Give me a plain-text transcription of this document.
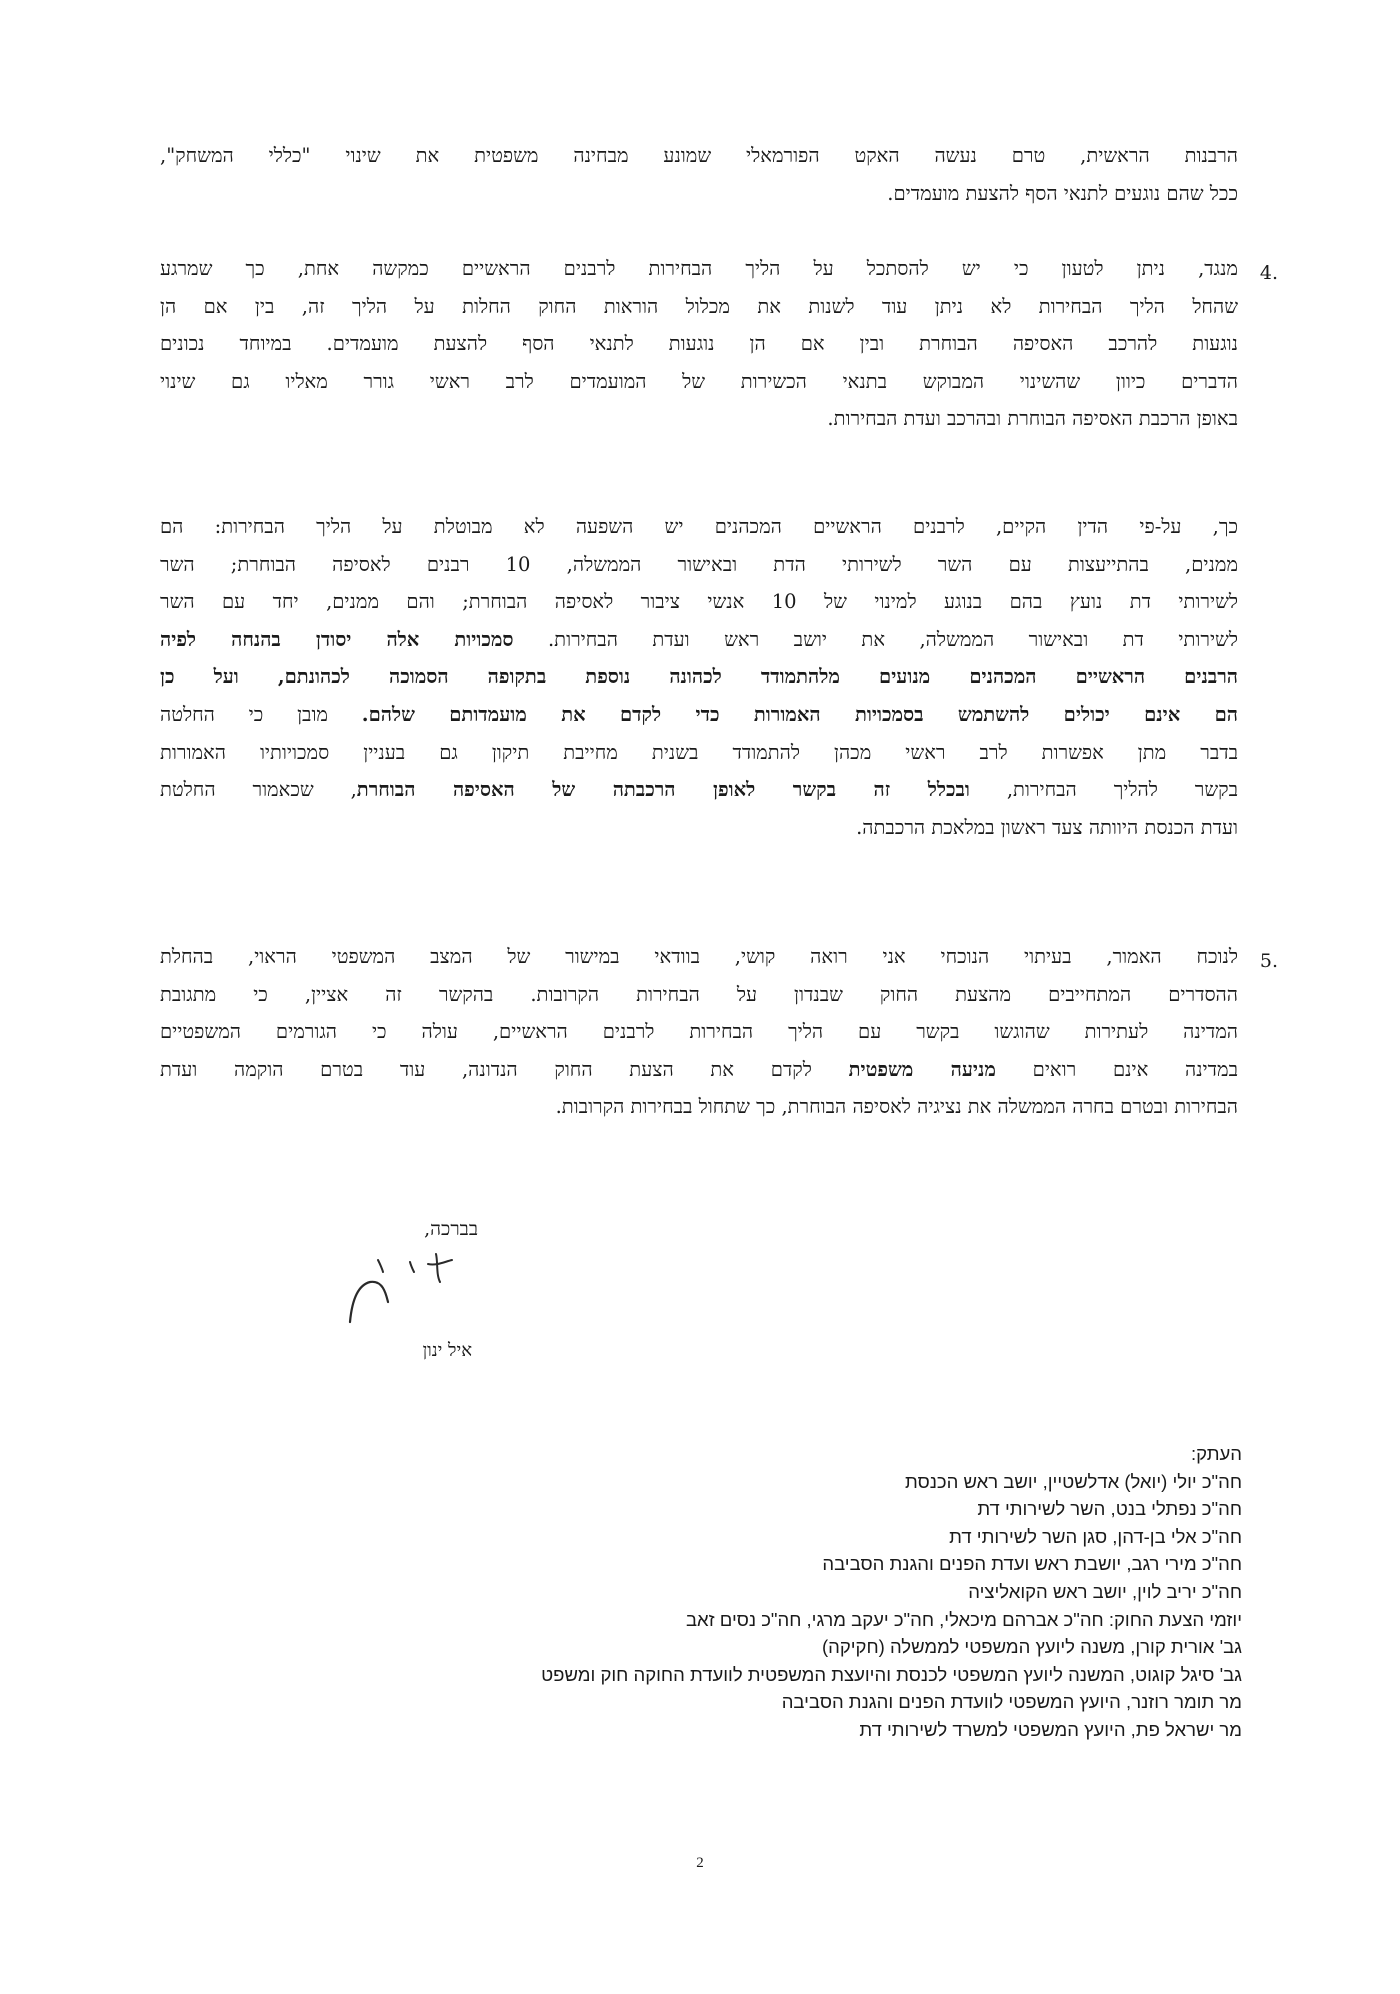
הרבנות הראשית, טרם נעשה האקט הפורמאלי שמונע מבחינה משפטית את שינוי "כללי המשחק",
ככל שהם נוגעים לתנאי הסף להצעת מועמדים.
4.
מנגד, ניתן לטעון כי יש להסתכל על הליך הבחירות לרבנים הראשיים כמקשה אחת, כך שמרגע
שהחל הליך הבחירות לא ניתן עוד לשנות את מכלול הוראות החוק החלות על הליך זה, בין אם הן
נוגעות להרכב האסיפה הבוחרת ובין אם הן נוגעות לתנאי הסף להצעת מועמדים. במיוחד נכונים
הדברים כיוון שהשינוי המבוקש בתנאי הכשירות של המועמדים לרב ראשי גורר מאליו גם שינוי
באופן הרכבת האסיפה הבוחרת ובהרכב ועדת הבחירות.
כך, על-פי הדין הקיים, לרבנים הראשיים המכהנים יש השפעה לא מבוטלת על הליך הבחירות: הם
ממנים, בהתייעצות עם השר לשירותי הדת ובאישור הממשלה, 10 רבנים לאסיפה הבוחרת; השר
לשירותי דת נועץ בהם בנוגע למינוי של 10 אנשי ציבור לאסיפה הבוחרת; והם ממנים, יחד עם השר
לשירותי דת ובאישור הממשלה, את יושב ראש ועדת הבחירות. סמכויות אלה יסודן בהנחה לפיה
הרבנים הראשיים המכהנים מנועים מלהתמודד לכהונה נוספת בתקופה הסמוכה לכהונתם, ועל כן
הם אינם יכולים להשתמש בסמכויות האמורות כדי לקדם את מועמדותם שלהם. מובן כי החלטה
בדבר מתן אפשרות לרב ראשי מכהן להתמודד בשנית מחייבת תיקון גם בעניין סמכויותיו האמורות
בקשר להליך הבחירות, ובכלל זה בקשר לאופן הרכבתה של האסיפה הבוחרת, שכאמור החלטת
ועדת הכנסת היוותה צעד ראשון במלאכת הרכבתה.
5.
לנוכח האמור, בעיתוי הנוכחי אני רואה קושי, בוודאי במישור של המצב המשפטי הראוי, בהחלת
ההסדרים המתחייבים מהצעת החוק שבנדון על הבחירות הקרובות. בהקשר זה אציין, כי מתגובת
המדינה לעתירות שהוגשו בקשר עם הליך הבחירות לרבנים הראשיים, עולה כי הגורמים המשפטיים
במדינה אינם רואים מניעה משפטית לקדם את הצעת החוק הנדונה, עוד בטרם הוקמה ועדת
הבחירות ובטרם בחרה הממשלה את נציגיה לאסיפה הבוחרת, כך שתחול בבחירות הקרובות.
בברכה,
איל ינון
העתק:
חה"כ יולי (יואל) אדלשטיין, יושב ראש הכנסת
חה"כ נפתלי בנט, השר לשירותי דת
חה"כ אלי בן-דהן, סגן השר לשירותי דת
חה"כ מירי רגב, יושבת ראש ועדת הפנים והגנת הסביבה
חה"כ יריב לוין, יושב ראש הקואליציה
יוזמי הצעת החוק: חה"כ אברהם מיכאלי, חה"כ יעקב מרגי, חה"כ נסים זאב
גב' אורית קורן, משנה ליועץ המשפטי לממשלה (חקיקה)
גב' סיגל קוגוט, המשנה ליועץ המשפטי לכנסת והיועצת המשפטית לוועדת החוקה חוק ומשפט
מר תומר רוזנר, היועץ המשפטי לוועדת הפנים והגנת הסביבה
מר ישראל פת, היועץ המשפטי למשרד לשירותי דת
2
